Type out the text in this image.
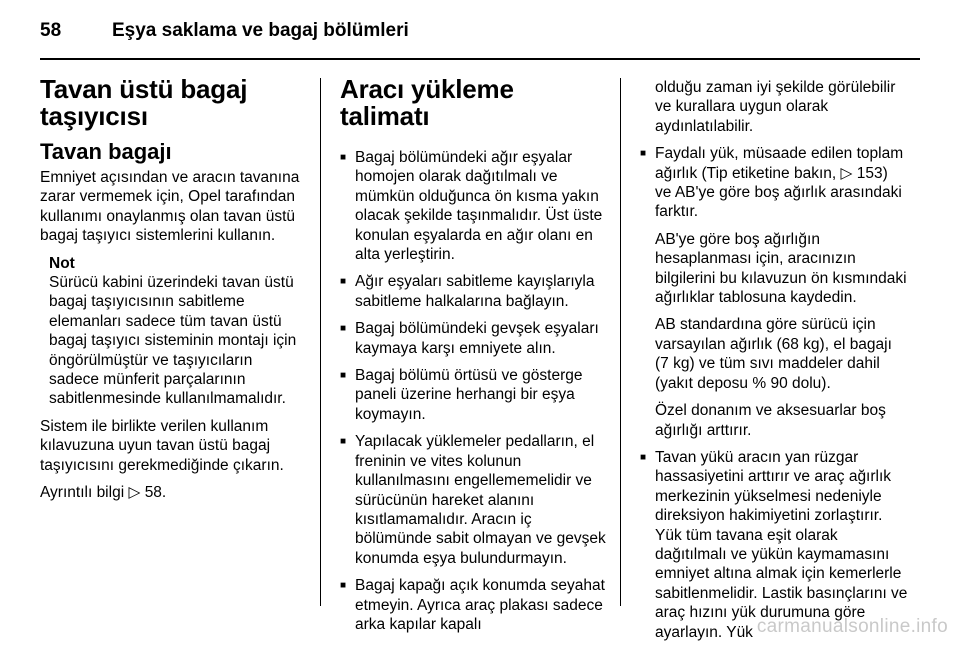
58	Eşya saklama ve bagaj bölümleri
Tavan üstü bagaj taşıyıcısı
Tavan bagajı

Emniyet açısından ve aracın tavanına zarar vermemek için, Opel tarafından kullanımı onaylanmış olan tavan üstü bagaj taşıyıcı sistemlerini kullanın.

Not
Sürücü kabini üzerindeki tavan üstü bagaj taşıyıcısının sabitleme elemanları sadece tüm tavan üstü bagaj taşıyıcı sisteminin montajı için öngörülmüştür ve taşıyıcıların sadece münferit parçalarının sabitlenmesinde kullanılmamalıdır.

Sistem ile birlikte verilen kullanım kılavuzuna uyun tavan üstü bagaj taşıyıcısını gerekmediğinde çıkarın.

Ayrıntılı bilgi ▷ 58.

Aracı yükleme talimatı
■ Bagaj bölümündeki ağır eşyalar homojen olarak dağıtılmalı ve mümkün olduğunca ön kısma yakın olacak şekilde taşınmalıdır. Üst üste konulan eşyalarda en ağır olanı en alta yerleştirin.
■ Ağır eşyaları sabitleme kayışlarıyla sabitleme halkalarına bağlayın.
■ Bagaj bölümündeki gevşek eşyaları kaymaya karşı emniyete alın.
■ Bagaj bölümü örtüsü ve gösterge paneli üzerine herhangi bir eşya koymayın.
■ Yapılacak yüklemeler pedalların, el freninin ve vites kolunun kullanılmasını engellememelidir ve sürücünün hareket alanını kısıtlamamalıdır. Aracın iç bölümünde sabit olmayan ve gevşek konumda eşya bulundurmayın.
■ Bagaj kapağı açık konumda seyahat etmeyin. Ayrıca araç plakası sadece arka kapılar kapalı

olduğu zaman iyi şekilde görülebilir ve kurallara uygun olarak aydınlatılabilir.

■ Faydalı yük, müsaade edilen toplam ağırlık (Tip etiketine bakın, ▷ 153) ve AB'ye göre boş ağırlık arasındaki farktır.

AB'ye göre boş ağırlığın hesaplanması için, aracınızın bilgilerini bu kılavuzun ön kısmındaki ağırlıklar tablosuna kaydedin.

AB standardına göre sürücü için varsayılan ağırlık (68 kg), el bagajı (7 kg) ve tüm sıvı maddeler dahil (yakıt deposu % 90 dolu).

Özel donanım ve aksesuarlar boş ağırlığı arttırır.

■ Tavan yükü aracın yan rüzgar hassasiyetini arttırır ve araç ağırlık merkezinin yükselmesi nedeniyle direksiyon hakimiyetini zorlaştırır. Yük tüm tavana eşit olarak dağıtılmalı ve yükün kaymamasını emniyet altına almak için kemerlerle sabitlenmelidir. Lastik basınçlarını ve araç hızını yük durumuna göre ayarlayın. Yük carmanualsonline.info
